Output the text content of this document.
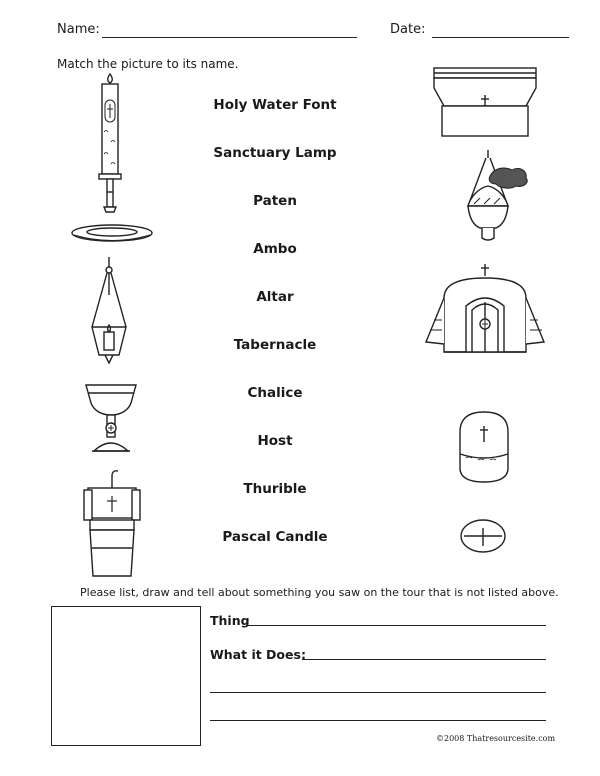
Name:	Date:
Match the picture to its name.
Holy Water Font
Sanctuary Lamp
Paten
Ambo
Altar
Tabernacle
Chalice
Host
Thurible
Pascal Candle
Please list, draw and tell about something you saw on the tour that is not listed above.
Thing
What it Does:
©2008 Thatresourcesite.com
